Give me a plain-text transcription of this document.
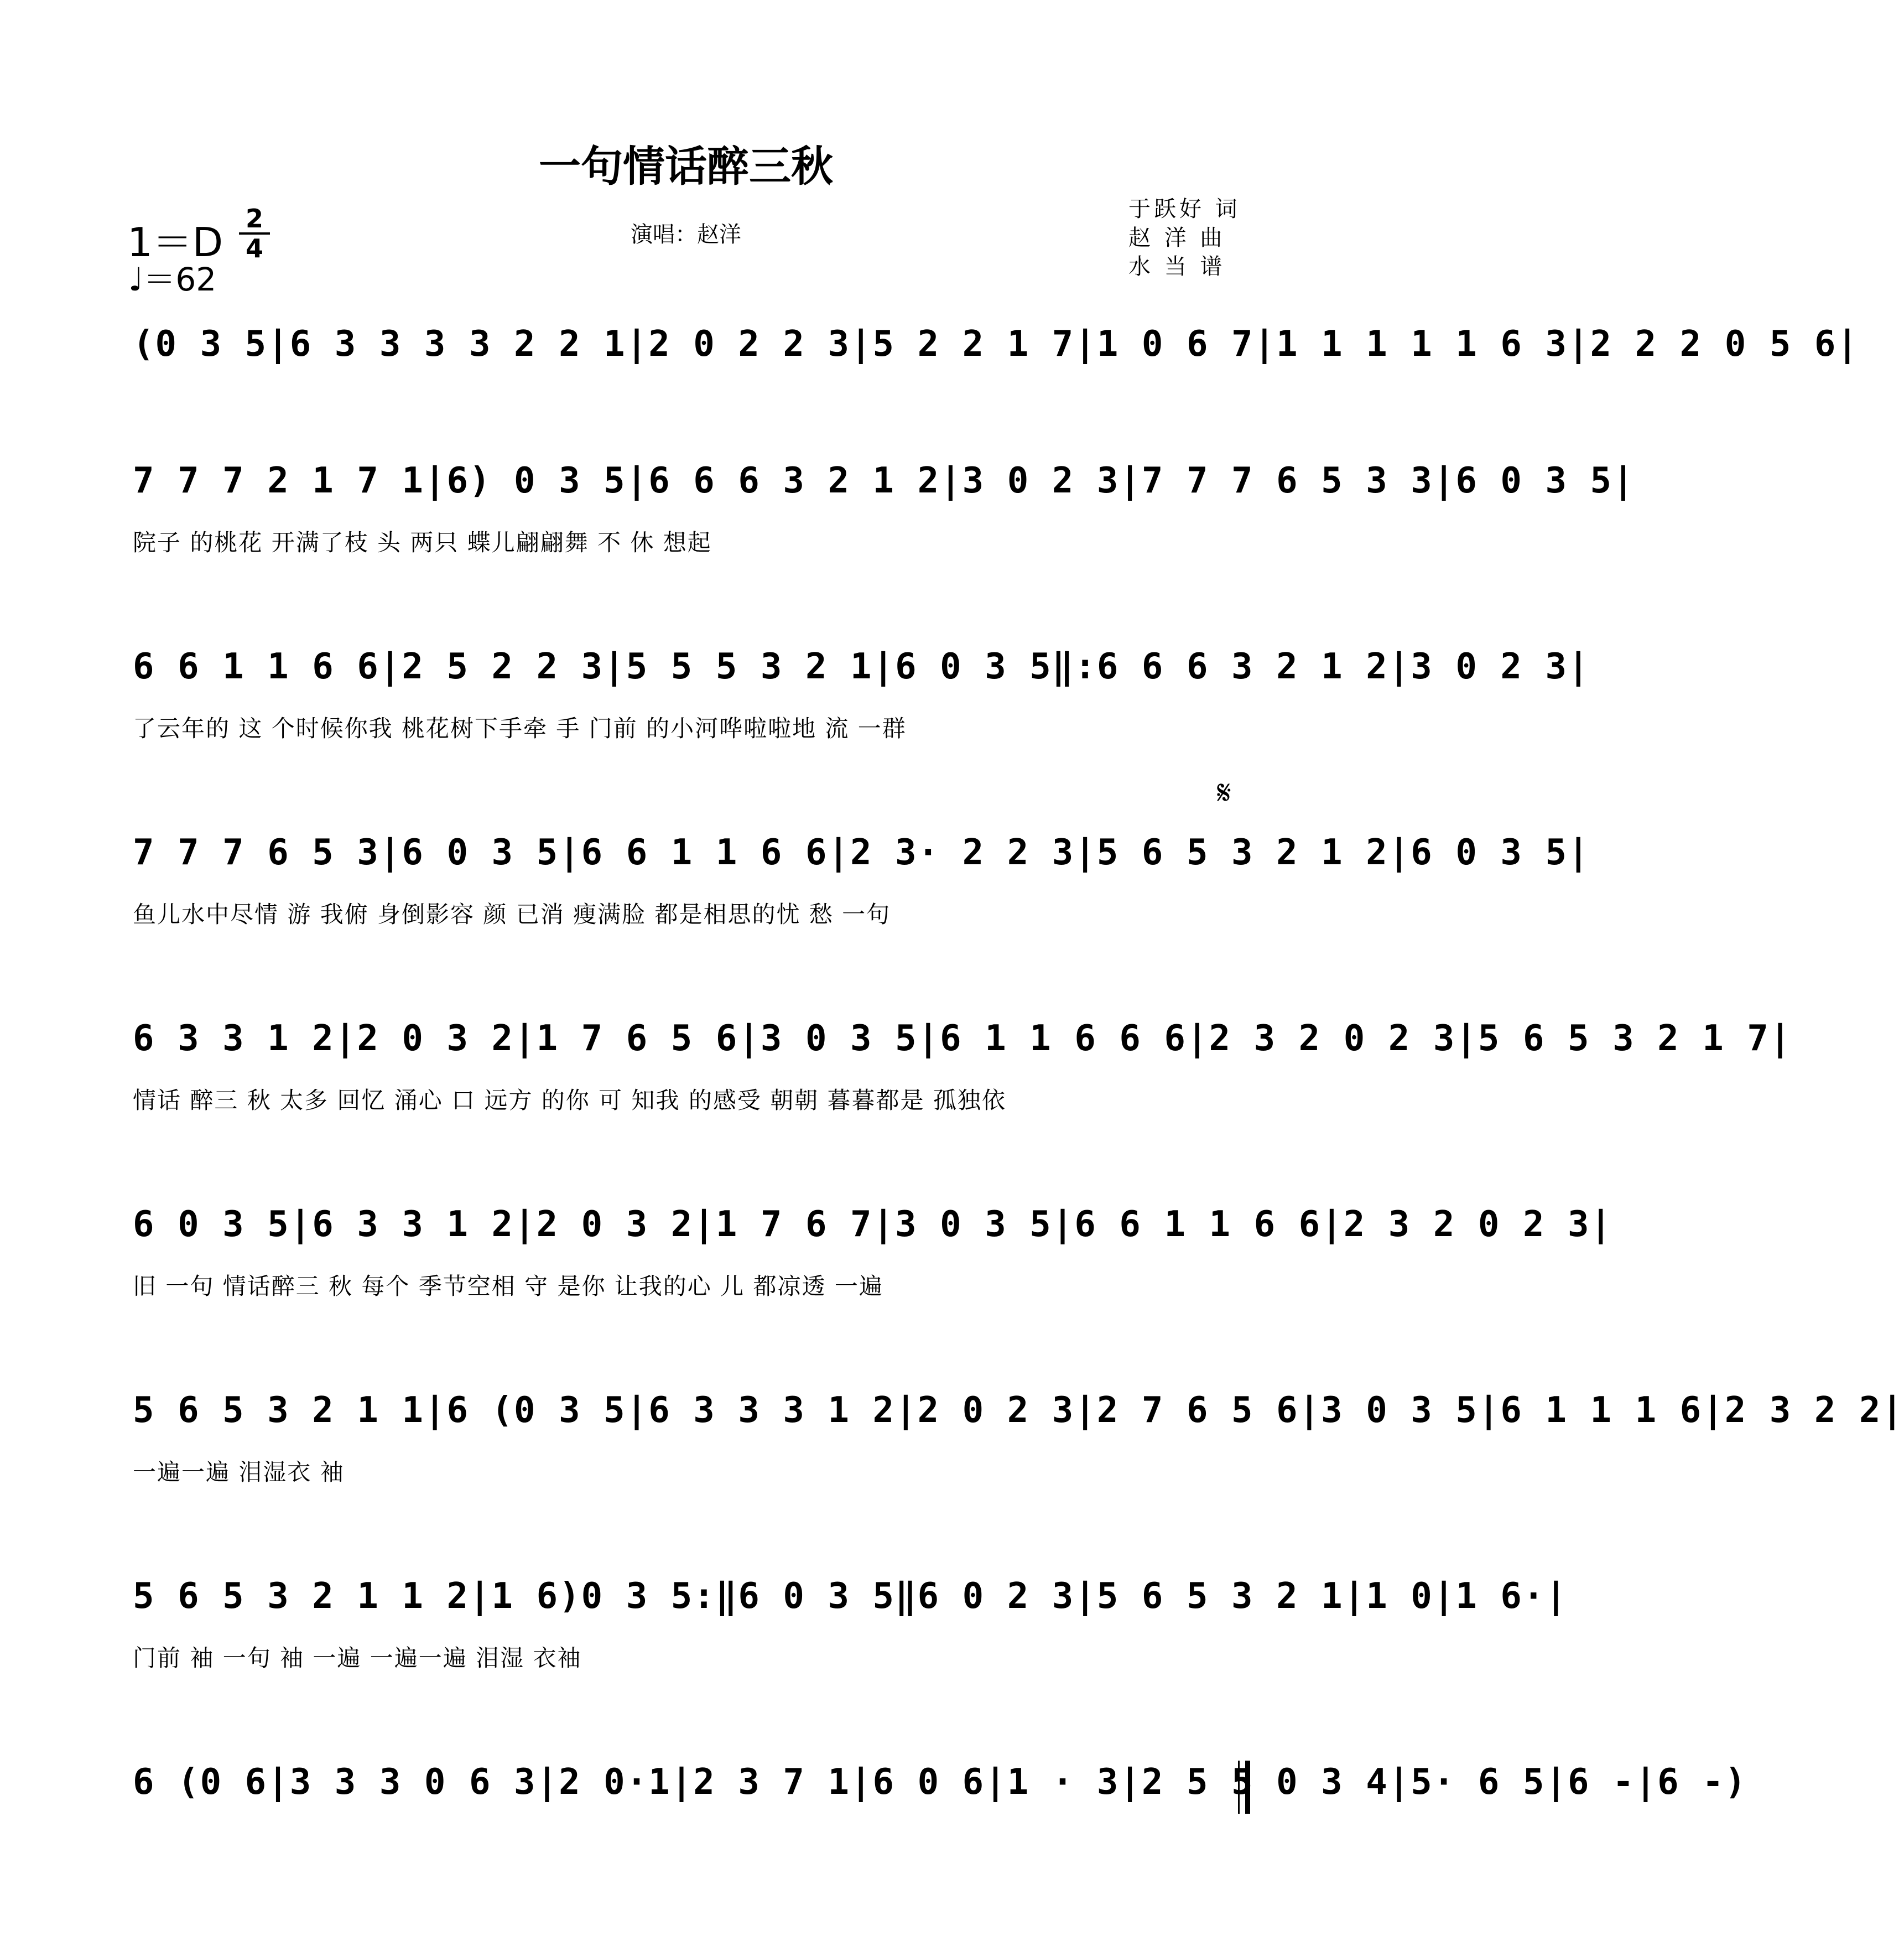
一句情话醉三秋
1＝D
2
4
♩＝62
演唱：赵洋
于跃好 词
赵 洋 曲
水 当 谱
(0 3 5|6 3 3 3 3 2 2 1|2 0 2 2 3|5 2 2 1 7|1 0 6 7|1 1 1 1 1 6 3|2 2 2 0 5 6|
7 7 7 2 1 7 1|6) 0 3 5|6 6 6 3 2 1 2|3 0 2 3|7 7 7 6 5 3 3|6 0 3 5|
院子 的桃花 开满了枝 头 两只 蝶儿翩翩舞 不 休 想起
6 6 1 1 6 6|2 5 2 2 3|5 5 5 3 2 1|6 0 3 5‖:6 6 6 3 2 1 2|3 0 2 3|
了云年的 这 个时候你我 桃花树下手牵 手 门前 的小河哗啦啦地 流 一群
𝄋
7 7 7 6 5 3|6 0 3 5|6 6 1 1 6 6|2 3· 2 2 3|5 6 5 3 2 1 2|6 0 3 5|
鱼儿水中尽情 游 我俯 身倒影容 颜 已消 瘦满脸 都是相思的忧 愁 一句
6 3 3 1 2|2 0 3 2|1 7 6 5 6|3 0 3 5|6 1 1 6 6 6|2 3 2 0 2 3|5 6 5 3 2 1 7|
情话 醉三 秋 太多 回忆 涌心 口 远方 的你 可 知我 的感受 朝朝 暮暮都是 孤独依
6 0 3 5|6 3 3 1 2|2 0 3 2|1 7 6 7|3 0 3 5|6 6 1 1 6 6|2 3 2 0 2 3|
旧 一句 情话醉三 秋 每个 季节空相 守 是你 让我的心 儿 都凉透 一遍
5 6 5 3 2 1 1|6 (0 3 5|6 3 3 3 1 2|2 0 2 3|2 7 6 5 6|3 0 3 5|6 1 1 1 6|2 3 2 2|
一遍一遍 泪湿衣 袖
5 6 5 3 2 1 1 2|1 6)0 3 5:‖6 0 3 5‖6 0 2 3|5 6 5 3 2 1|1 0|1 6·|
门前 袖 一句 袖 一遍 一遍一遍 泪湿 衣袖
6 (0 6|3 3 3 0 6 3|2 0·1|2 3 7 1|6 0 6|1 · 3|2 5 5 0 3 4|5· 6 5|6 -|6 -)
